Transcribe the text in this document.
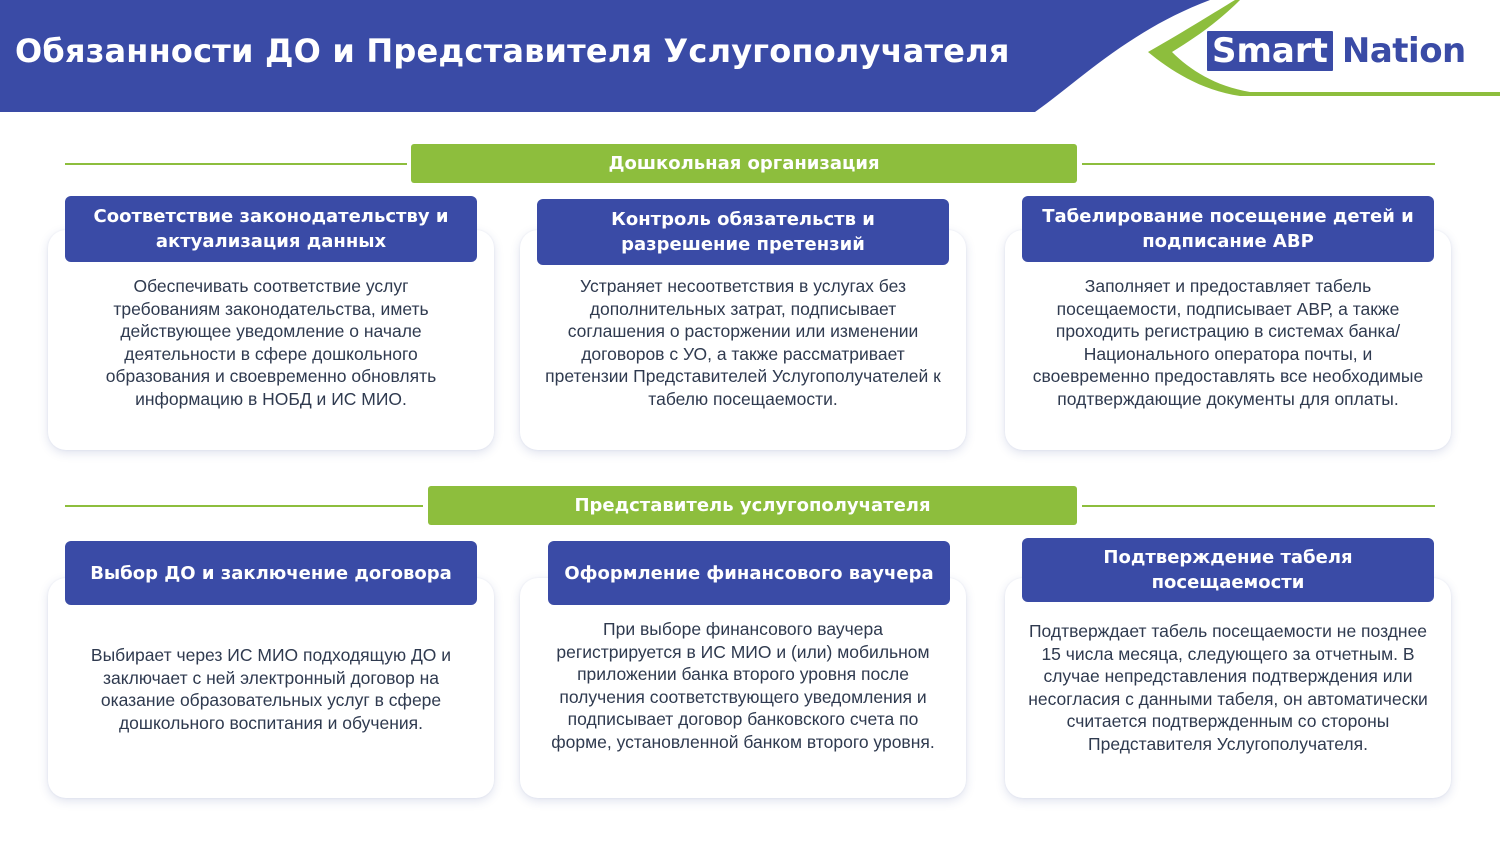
Обязанности ДО и Представителя Услугополучателя	Smart Nation
Дошкольная организация
Соответствие законодательству и актуализация данных
Обеспечивать соответствие услуг требованиям законодательства, иметь действующее уведомление о начале деятельности в сфере дошкольного образования и своевременно обновлять информацию в НОБД и ИС МИО.
Контроль обязательств и разрешение претензий
Устраняет несоответствия в услугах без дополнительных затрат, подписывает соглашения о расторжении или изменении договоров с УО, а также рассматривает претензии Представителей Услугополучателей к табелю посещаемости.
Табелирование посещение детей и подписание АВР
Заполняет и предоставляет табель посещаемости, подписывает АВР, а также проходить регистрацию в системах банка/Национального оператора почты, и своевременно предоставлять все необходимые подтверждающие документы для оплаты.
Представитель услугополучателя
Выбор ДО и заключение договора
Выбирает через ИС МИО подходящую ДО и заключает с ней электронный договор на оказание образовательных услуг в сфере дошкольного воспитания и обучения.
Оформление финансового ваучера
При выборе финансового ваучера регистрируется в ИС МИО и (или) мобильном приложении банка второго уровня после получения соответствующего уведомления и подписывает договор банковского счета по форме, установленной банком второго уровня.
Подтверждение табеля посещаемости
Подтверждает табель посещаемости не позднее 15 числа месяца, следующего за отчетным. В случае непредставления подтверждения или несогласия с данными табеля, он автоматически считается подтвержденным со стороны Представителя Услугополучателя.
